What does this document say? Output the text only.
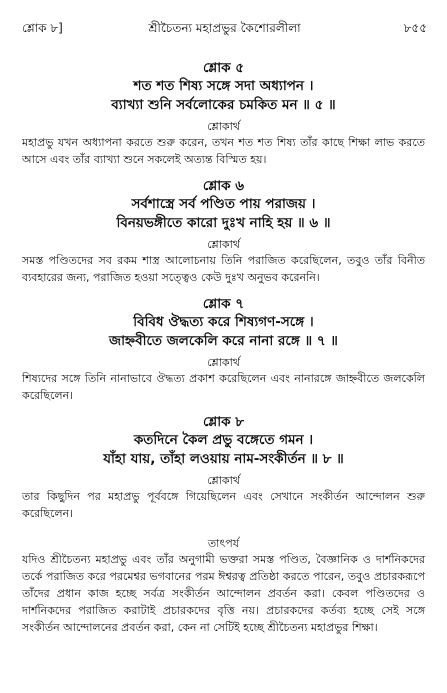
শ্লোক ৮]	শ্রীচৈতন্য মহাপ্রভুর কৈশোরলীলা	৮৫৫
শ্লোক ৫
শত শত শিষ্য সঙ্গে সদা অধ্যাপন ।
ব্যাখ্যা শুনি সর্বলোকের চমকিত মন ॥ ৫ ॥
শ্লোকার্থ
মহাপ্রভু যখন অধ্যাপনা করতে শুরু করেন, তখন শত শত শিষ্য তাঁর কাছে শিক্ষা লাভ করতে আসে এবং তাঁর ব্যাখ্যা শুনে সকলেই অত্যন্ত বিস্মিত হয়।
শ্লোক ৬
সর্বশাস্ত্রে সর্ব পণ্ডিত পায় পরাজয় ।
বিনয়ভঙ্গীতে কারো দুঃখ নাহি হয় ॥ ৬ ॥
শ্লোকার্থ
সমস্ত পণ্ডিতদের সব রকম শাস্ত্র আলোচনায় তিনি পরাজিত করেছিলেন, তবুও তাঁর বিনীত ব্যবহারের জন্য, পরাজিত হওয়া সত্ত্বেও কেউ দুঃখ অনুভব করেননি।
শ্লোক ৭
বিবিধ ঔদ্ধত্য করে শিষ্যগণ-সঙ্গে ।
জাহ্নবীতে জলকেলি করে নানা রঙ্গে ॥ ৭ ॥
শ্লোকার্থ
শিষ্যদের সঙ্গে তিনি নানাভাবে ঔদ্ধত্য প্রকাশ করেছিলেন এবং নানারঙ্গে জাহ্নবীতে জলকেলি করেছিলেন।
শ্লোক ৮
কতদিনে কৈল প্রভু বঙ্গেতে গমন ।
যাঁহা যায়, তাঁহা লওয়ায় নাম-সংকীর্তন ॥ ৮ ॥
শ্লোকার্থ
তার কিছুদিন পর মহাপ্রভু পূর্ববঙ্গে গিয়েছিলেন এবং সেখানে সংকীর্তন আন্দোলন শুরু করেছিলেন।
তাৎপর্য
যদিও শ্রীচৈতন্য মহাপ্রভু এবং তাঁর অনুগামী ভক্তরা সমস্ত পণ্ডিত, বৈজ্ঞানিক ও দার্শনিকদের তর্কে পরাজিত করে পরমেশ্বর ভগবানের পরম ঈশ্বরত্ব প্রতিষ্ঠা করতে পারেন, তবুও প্রচারকরূপে তাঁদের প্রধান কাজ হচ্ছে সর্বত্র সংকীর্তন আন্দোলন প্রবর্তন করা। কেবল পণ্ডিতদের ও দার্শনিকদের পরাজিত করাটাই প্রচারকদের বৃত্তি নয়। প্রচারকদের কর্তব্য হচ্ছে সেই সঙ্গে সংকীর্তন আন্দোলনের প্রবর্তন করা, কেন না সেটিই হচ্ছে শ্রীচৈতন্য মহাপ্রভুর শিক্ষা।
